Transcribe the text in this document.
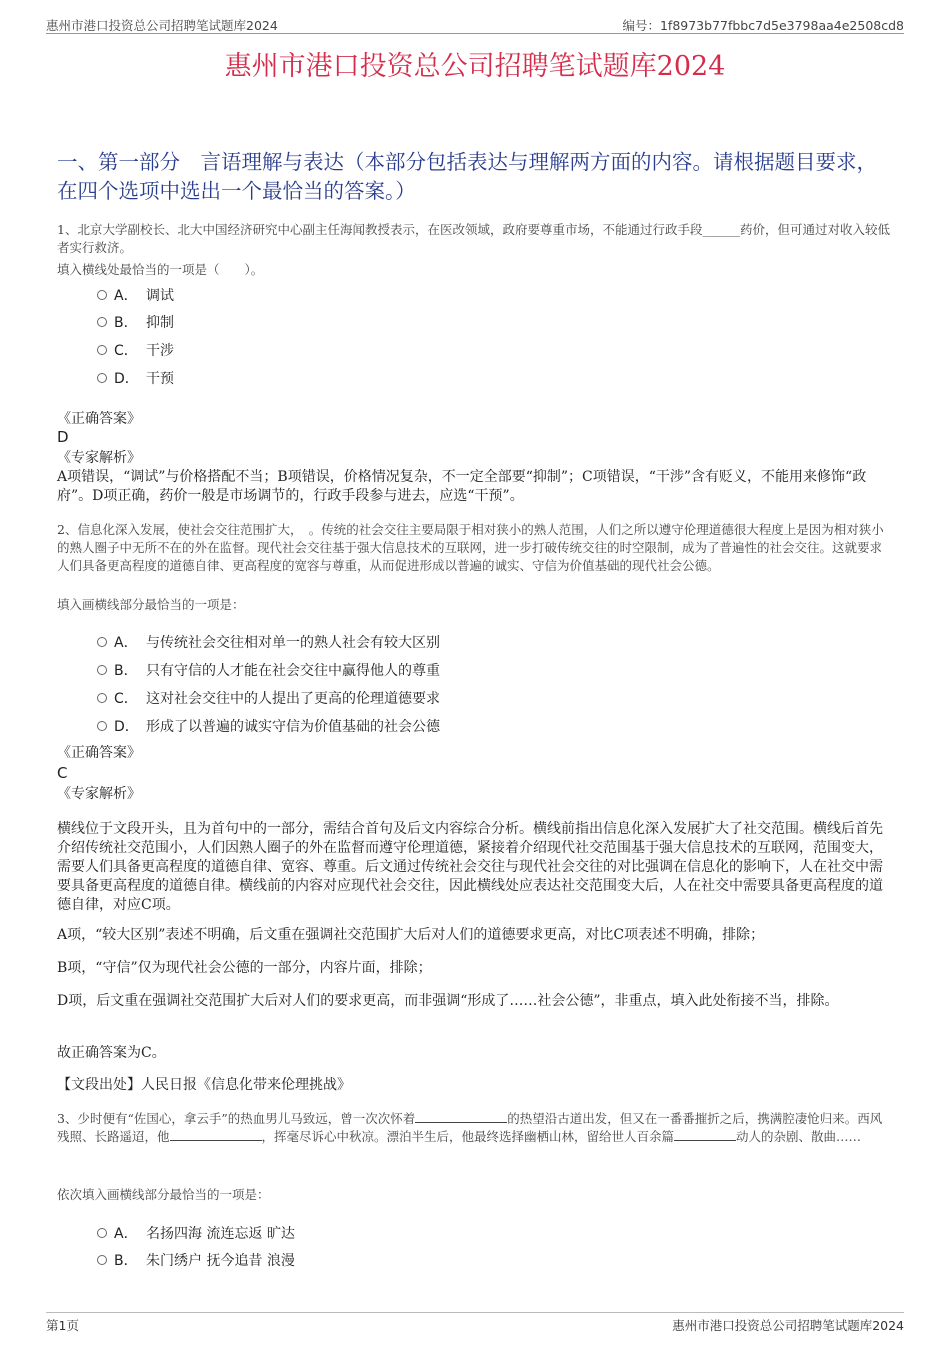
惠州市港口投资总公司招聘笔试题库2024	编号：1f8973b77fbbc7d5e3798aa4e2508cd8
惠州市港口投资总公司招聘笔试题库2024
一、第一部分　言语理解与表达（本部分包括表达与理解两方面的内容。请根据题目要求，在四个选项中选出一个最恰当的答案。）
1、北京大学副校长、北大中国经济研究中心副主任海闻教授表示，在医改领域，政府要尊重市场，不能通过行政手段______药价，但可通过对收入较低者实行救济。
填入横线处最恰当的一项是（　　）。
A． 调试
B． 抑制
C． 干涉
D． 干预
《正确答案》
D
《专家解析》
A项错误，“调试”与价格搭配不当；B项错误，价格情况复杂，不一定全部要“抑制”；C项错误，“干涉”含有贬义，不能用来修饰“政府”。D项正确，药价一般是市场调节的，行政手段参与进去，应选“干预”。
2、信息化深入发展，使社会交往范围扩大，　。传统的社会交往主要局限于相对狭小的熟人范围，人们之所以遵守伦理道德很大程度上是因为相对狭小的熟人圈子中无所不在的外在监督。现代社会交往基于强大信息技术的互联网，进一步打破传统交往的时空限制，成为了普遍性的社会交往。这就要求人们具备更高程度的道德自律、更高程度的宽容与尊重，从而促进形成以普遍的诚实、守信为价值基础的现代社会公德。
填入画横线部分最恰当的一项是：
A． 与传统社会交往相对单一的熟人社会有较大区别
B． 只有守信的人才能在社会交往中赢得他人的尊重
C． 这对社会交往中的人提出了更高的伦理道德要求
D． 形成了以普遍的诚实守信为价值基础的社会公德
《正确答案》
C
《专家解析》
横线位于文段开头，且为首句中的一部分，需结合首句及后文内容综合分析。横线前指出信息化深入发展扩大了社交范围。横线后首先介绍传统社交范围小，人们因熟人圈子的外在监督而遵守伦理道德，紧接着介绍现代社交范围基于强大信息技术的互联网，范围变大，需要人们具备更高程度的道德自律、宽容、尊重。后文通过传统社会交往与现代社会交往的对比强调在信息化的影响下，人在社交中需要具备更高程度的道德自律。横线前的内容对应现代社会交往，因此横线处应表达社交范围变大后，人在社交中需要具备更高程度的道德自律，对应C项。
A项，“较大区别”表述不明确，后文重在强调社交范围扩大后对人们的道德要求更高，对比C项表述不明确，排除；
B项，“守信”仅为现代社会公德的一部分，内容片面，排除；
D项，后文重在强调社交范围扩大后对人们的要求更高，而非强调“形成了……社会公德”，非重点，填入此处衔接不当，排除。
故正确答案为C。
【文段出处】人民日报《信息化带来伦理挑战》
3、少时便有“佐国心，拿云手”的热血男儿马致远，曾一次次怀着	的热望沿古道出发，但又在一番番摧折之后，携满腔凄怆归来。西风残照、长路遥迢，他	，挥毫尽诉心中秋凉。漂泊半生后，他最终选择幽栖山林，留给世人百余篇	动人的杂剧、散曲……
依次填入画横线部分最恰当的一项是：
A． 名扬四海 流连忘返 旷达
B． 朱门绣户 抚今追昔 浪漫
第1页	惠州市港口投资总公司招聘笔试题库2024
